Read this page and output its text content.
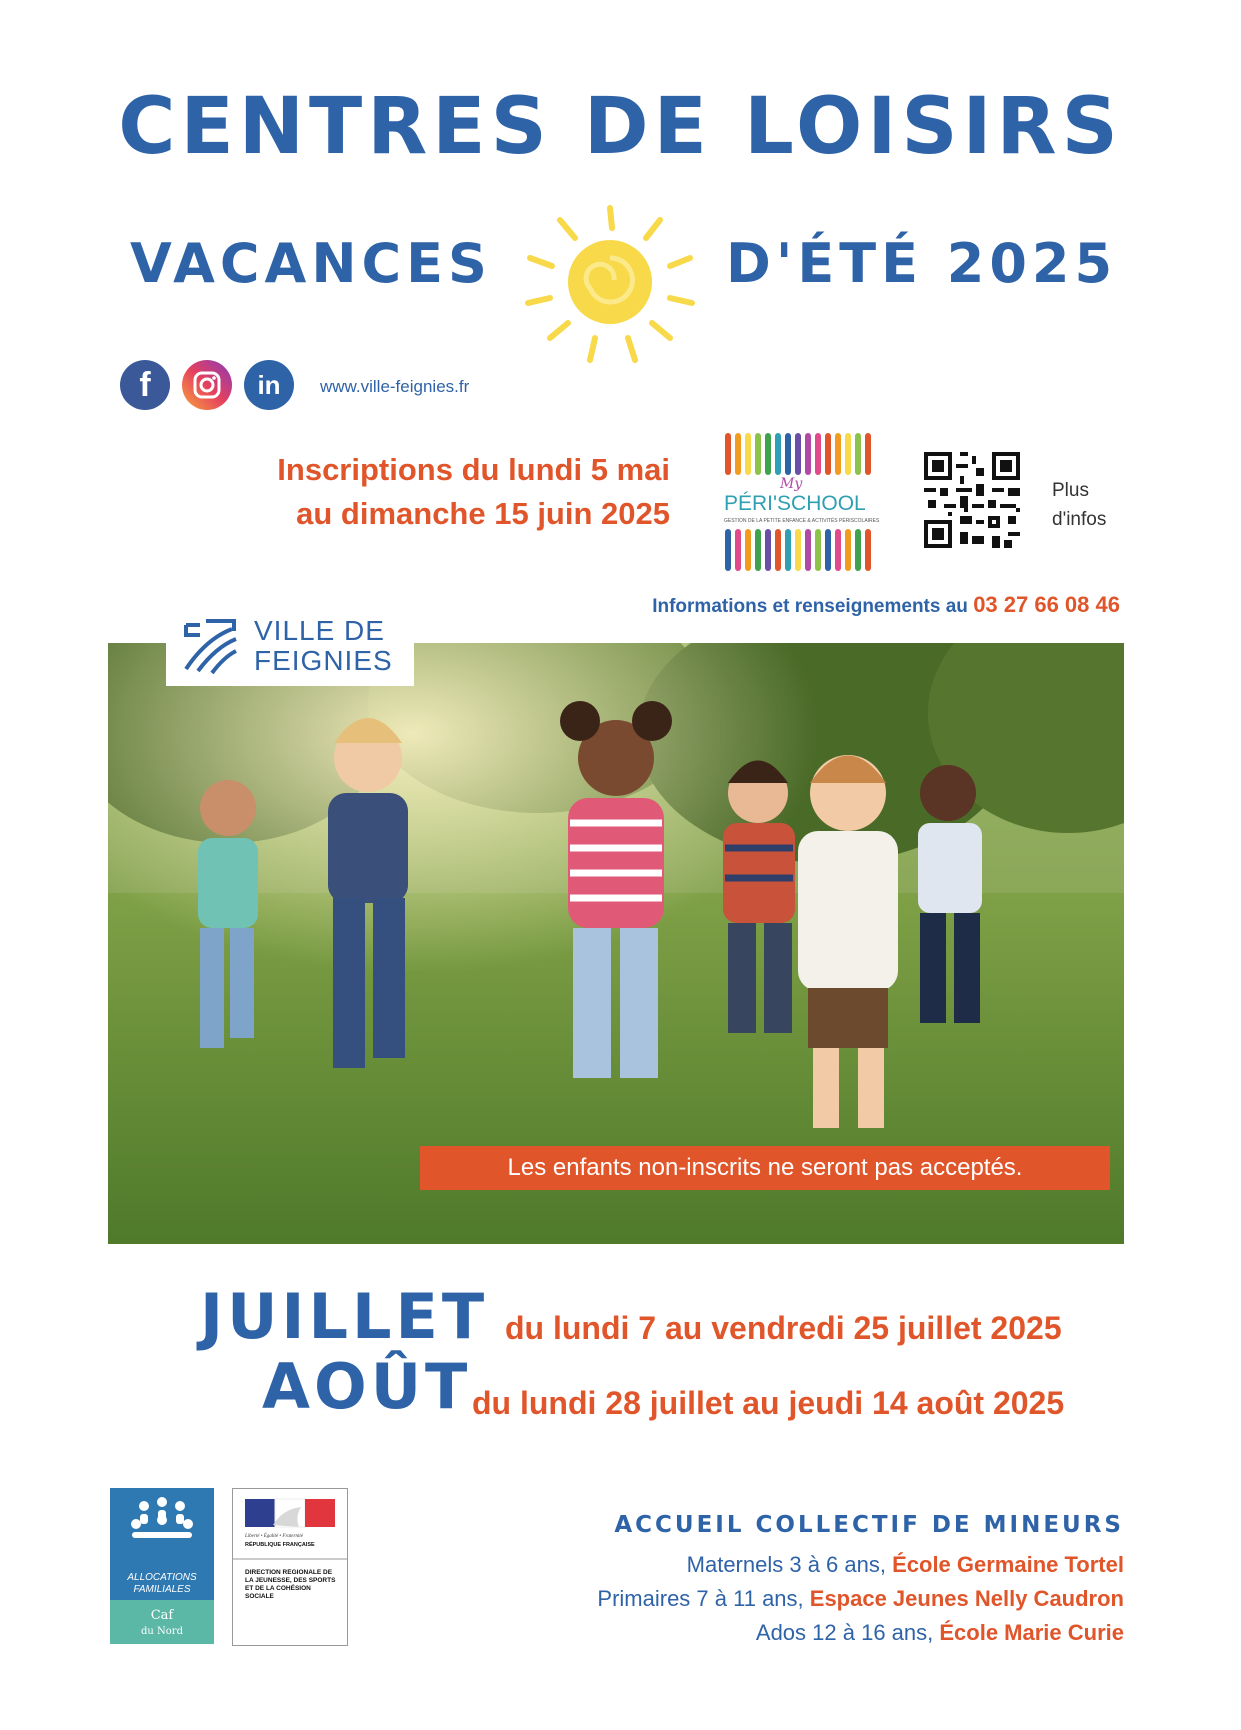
CENTRES DE LOISIRS
VACANCES	D'ÉTÉ 2025
f	in www.ville-feignies.fr
Inscriptions du lundi 5 mai
au dimanche 15 juin 2025
My
PÉRI'SCHOOL
GESTION DE LA PETITE ENFANCE & ACTIVITÉS PÉRISCOLAIRES
Plus
d'infos
Informations et renseignements au 03 27 66 08 46
VILLE DE
FEIGNIES
Les enfants non-inscrits ne seront pas acceptés.
JUILLET du lundi 7 au vendredi 25 juillet 2025
AOÛT du lundi 28 juillet au jeudi 14 août 2025
ALLOCATIONS
FAMILIALES
Caf
du Nord
Liberté • Égalité • Fraternité
RÉPUBLIQUE FRANÇAISE
DIRECTION RÉGIONALE DE LA JEUNESSE, DES SPORTS ET DE LA COHÉSION SOCIALE
ACCUEIL COLLECTIF DE MINEURS
Maternels 3 à 6 ans, École Germaine Tortel
Primaires 7 à 11 ans, Espace Jeunes Nelly Caudron
Ados 12 à 16 ans, École Marie Curie
